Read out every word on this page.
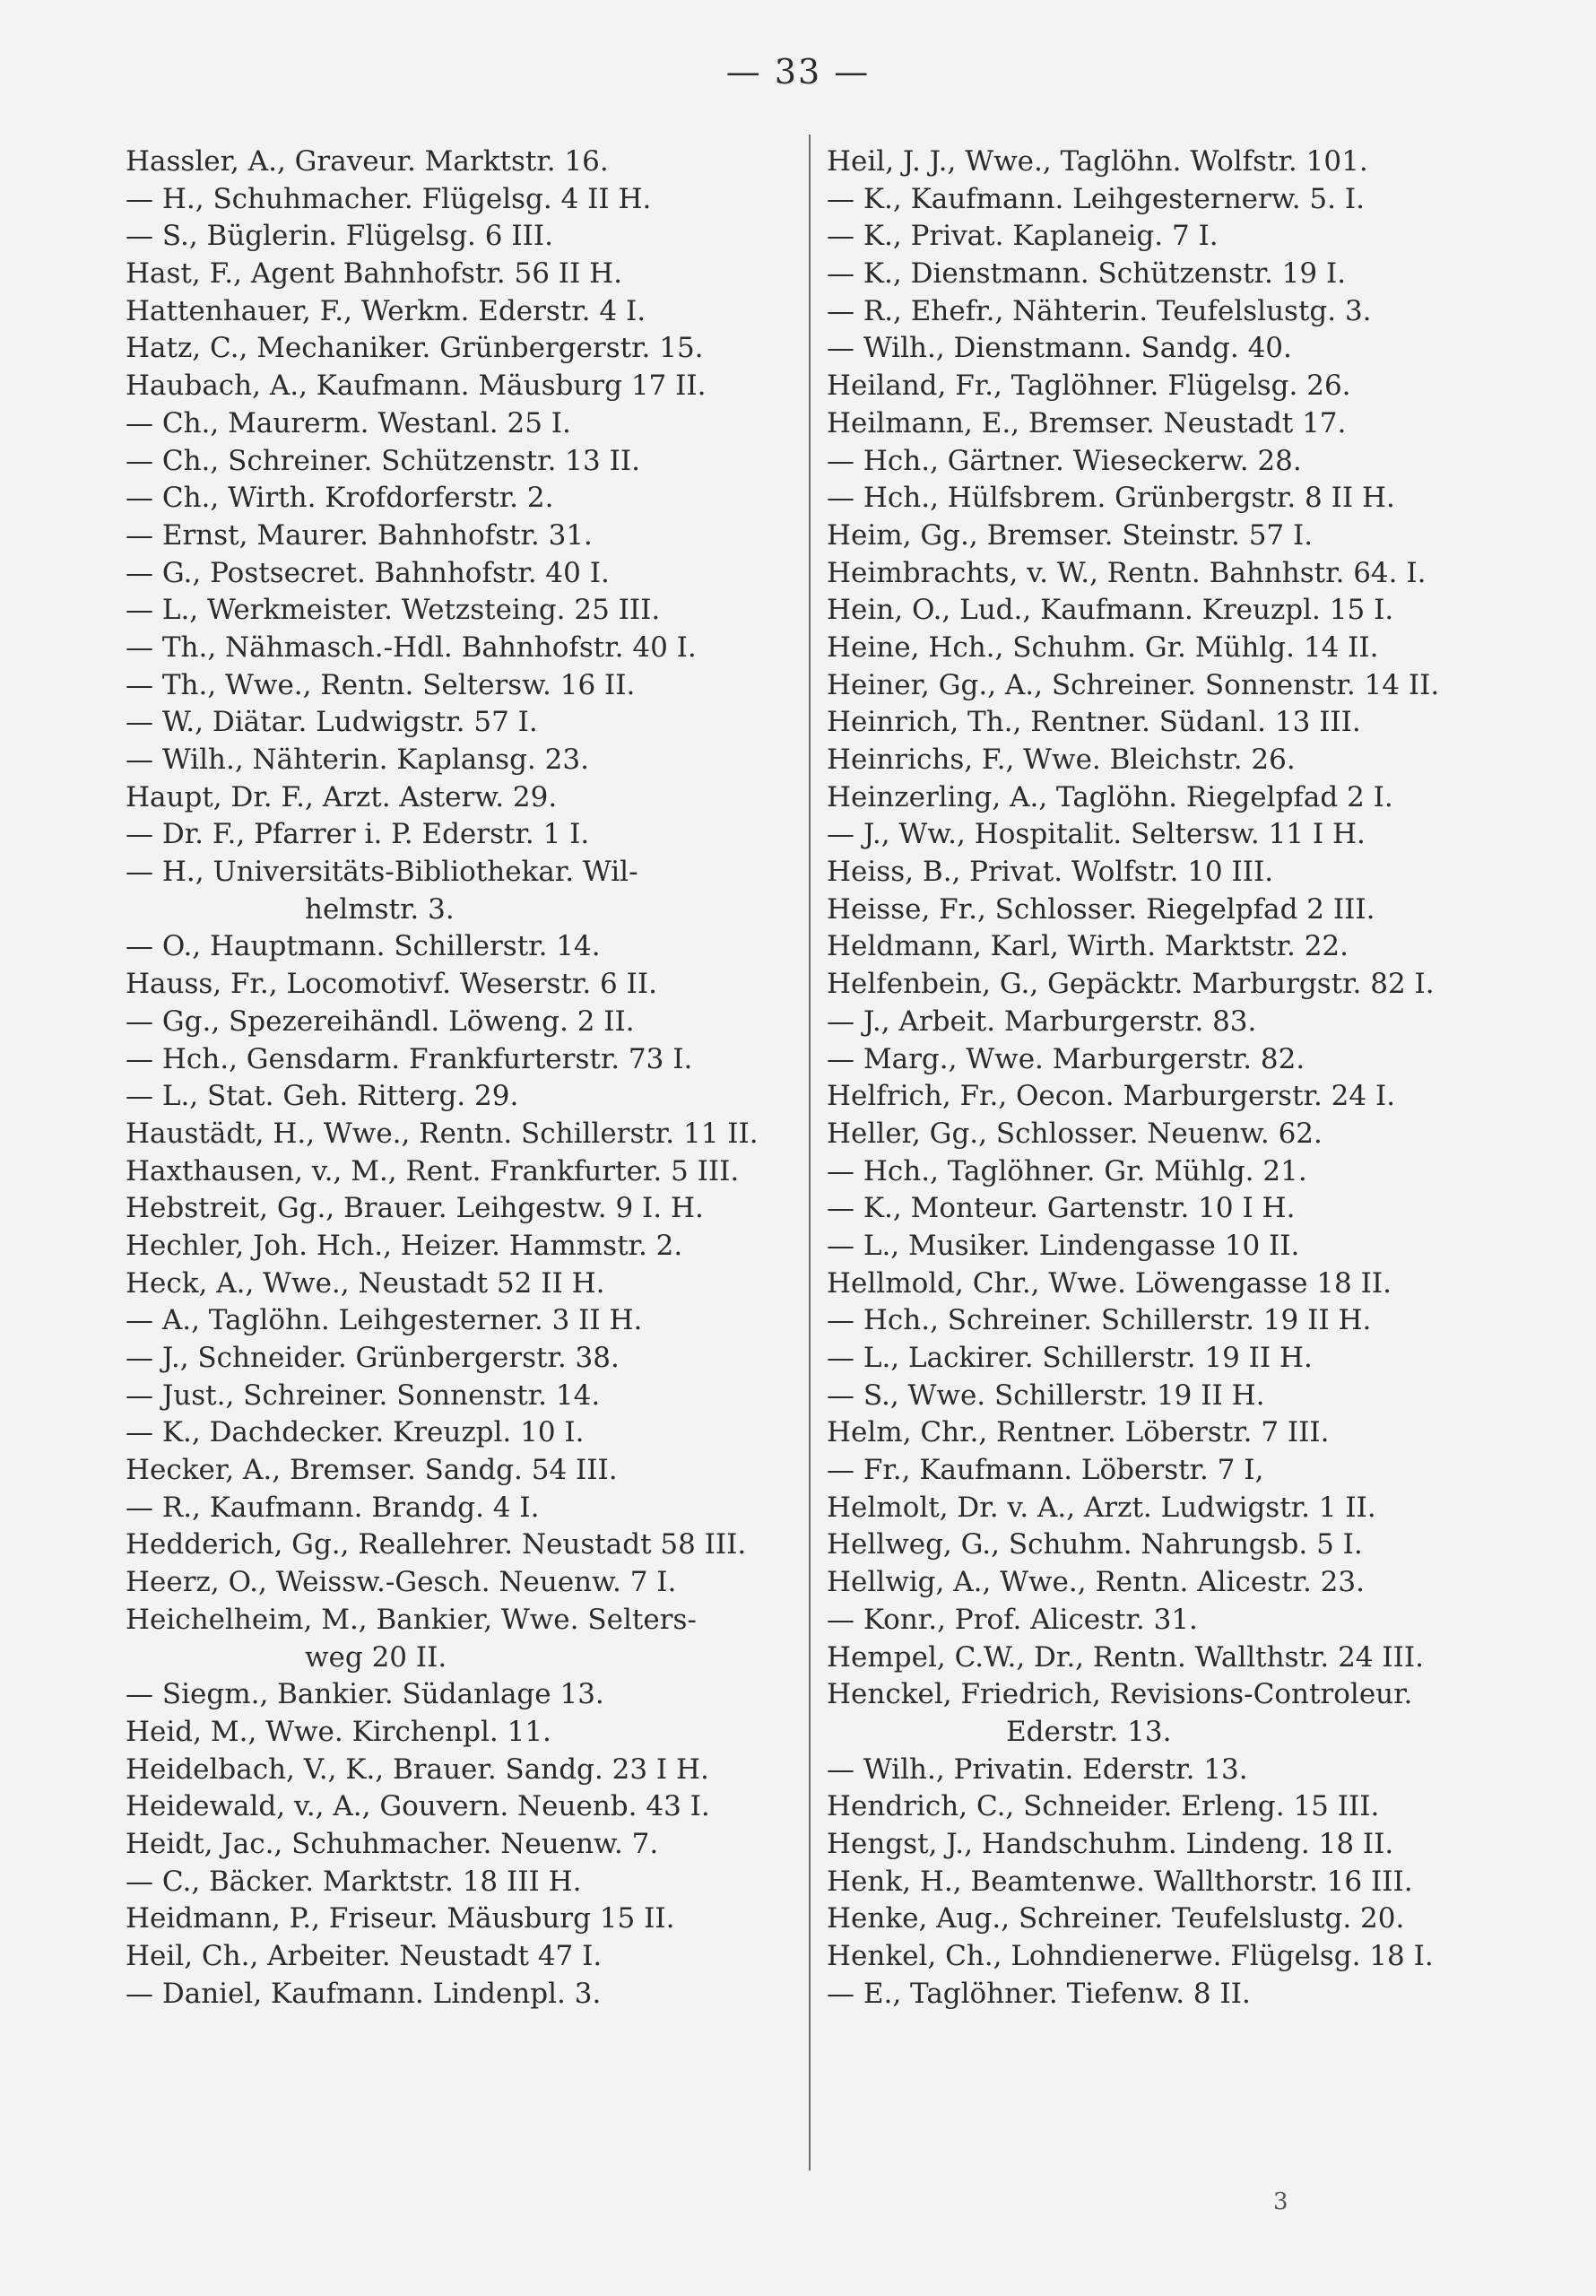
— 33 —
Hassler, A., Graveur. Marktstr. 16.
— H., Schuhmacher. Flügelsg. 4 II H.
— S., Büglerin. Flügelsg. 6 III.
Hast, F., Agent Bahnhofstr. 56 II H.
Hattenhauer, F., Werkm. Ederstr. 4 I.
Hatz, C., Mechaniker. Grünbergerstr. 15.
Haubach, A., Kaufmann. Mäusburg 17 II.
— Ch., Maurerm. Westanl. 25 I.
— Ch., Schreiner. Schützenstr. 13 II.
— Ch., Wirth. Krofdorferstr. 2.
— Ernst, Maurer. Bahnhofstr. 31.
— G., Postsecret. Bahnhofstr. 40 I.
— L., Werkmeister. Wetzsteing. 25 III.
— Th., Nähmasch.-Hdl. Bahnhofstr. 40 I.
— Th., Wwe., Rentn. Seltersw. 16 II.
— W., Diätar. Ludwigstr. 57 I.
— Wilh., Nähterin. Kaplansg. 23.
Haupt, Dr. F., Arzt. Asterw. 29.
— Dr. F., Pfarrer i. P. Ederstr. 1 I.
— H., Universitäts-Bibliothekar. Wil-
helmstr. 3.
— O., Hauptmann. Schillerstr. 14.
Hauss, Fr., Locomotivf. Weserstr. 6 II.
— Gg., Spezereihändl. Löweng. 2 II.
— Hch., Gensdarm. Frankfurterstr. 73 I.
— L., Stat. Geh. Ritterg. 29.
Haustädt, H., Wwe., Rentn. Schillerstr. 11 II.
Haxthausen, v., M., Rent. Frankfurter. 5 III.
Hebstreit, Gg., Brauer. Leihgestw. 9 I. H.
Hechler, Joh. Hch., Heizer. Hammstr. 2.
Heck, A., Wwe., Neustadt 52 II H.
— A., Taglöhn. Leihgesterner. 3 II H.
— J., Schneider. Grünbergerstr. 38.
— Just., Schreiner. Sonnenstr. 14.
— K., Dachdecker. Kreuzpl. 10 I.
Hecker, A., Bremser. Sandg. 54 III.
— R., Kaufmann. Brandg. 4 I.
Hedderich, Gg., Reallehrer. Neustadt 58 III.
Heerz, O., Weissw.-Gesch. Neuenw. 7 I.
Heichelheim, M., Bankier, Wwe. Selters-
weg 20 II.
— Siegm., Bankier. Südanlage 13.
Heid, M., Wwe. Kirchenpl. 11.
Heidelbach, V., K., Brauer. Sandg. 23 I H.
Heidewald, v., A., Gouvern. Neuenb. 43 I.
Heidt, Jac., Schuhmacher. Neuenw. 7.
— C., Bäcker. Marktstr. 18 III H.
Heidmann, P., Friseur. Mäusburg 15 II.
Heil, Ch., Arbeiter. Neustadt 47 I.
— Daniel, Kaufmann. Lindenpl. 3.
Heil, J. J., Wwe., Taglöhn. Wolfstr. 101.
— K., Kaufmann. Leihgesternerw. 5. I.
— K., Privat. Kaplaneig. 7 I.
— K., Dienstmann. Schützenstr. 19 I.
— R., Ehefr., Nähterin. Teufelslustg. 3.
— Wilh., Dienstmann. Sandg. 40.
Heiland, Fr., Taglöhner. Flügelsg. 26.
Heilmann, E., Bremser. Neustadt 17.
— Hch., Gärtner. Wieseckerw. 28.
— Hch., Hülfsbrem. Grünbergstr. 8 II H.
Heim, Gg., Bremser. Steinstr. 57 I.
Heimbrachts, v. W., Rentn. Bahnhstr. 64. I.
Hein, O., Lud., Kaufmann. Kreuzpl. 15 I.
Heine, Hch., Schuhm. Gr. Mühlg. 14 II.
Heiner, Gg., A., Schreiner. Sonnenstr. 14 II.
Heinrich, Th., Rentner. Südanl. 13 III.
Heinrichs, F., Wwe. Bleichstr. 26.
Heinzerling, A., Taglöhn. Riegelpfad 2 I.
— J., Ww., Hospitalit. Seltersw. 11 I H.
Heiss, B., Privat. Wolfstr. 10 III.
Heisse, Fr., Schlosser. Riegelpfad 2 III.
Heldmann, Karl, Wirth. Marktstr. 22.
Helfenbein, G., Gepäcktr. Marburgstr. 82 I.
— J., Arbeit. Marburgerstr. 83.
— Marg., Wwe. Marburgerstr. 82.
Helfrich, Fr., Oecon. Marburgerstr. 24 I.
Heller, Gg., Schlosser. Neuenw. 62.
— Hch., Taglöhner. Gr. Mühlg. 21.
— K., Monteur. Gartenstr. 10 I H.
— L., Musiker. Lindengasse 10 II.
Hellmold, Chr., Wwe. Löwengasse 18 II.
— Hch., Schreiner. Schillerstr. 19 II H.
— L., Lackirer. Schillerstr. 19 II H.
— S., Wwe. Schillerstr. 19 II H.
Helm, Chr., Rentner. Löberstr. 7 III.
— Fr., Kaufmann. Löberstr. 7 I,
Helmolt, Dr. v. A., Arzt. Ludwigstr. 1 II.
Hellweg, G., Schuhm. Nahrungsb. 5 I.
Hellwig, A., Wwe., Rentn. Alicestr. 23.
— Konr., Prof. Alicestr. 31.
Hempel, C.W., Dr., Rentn. Wallthstr. 24 III.
Henckel, Friedrich, Revisions-Controleur.
Ederstr. 13.
— Wilh., Privatin. Ederstr. 13.
Hendrich, C., Schneider. Erleng. 15 III.
Hengst, J., Handschuhm. Lindeng. 18 II.
Henk, H., Beamtenwe. Wallthorstr. 16 III.
Henke, Aug., Schreiner. Teufelslustg. 20.
Henkel, Ch., Lohndienerwe. Flügelsg. 18 I.
— E., Taglöhner. Tiefenw. 8 II.
3
